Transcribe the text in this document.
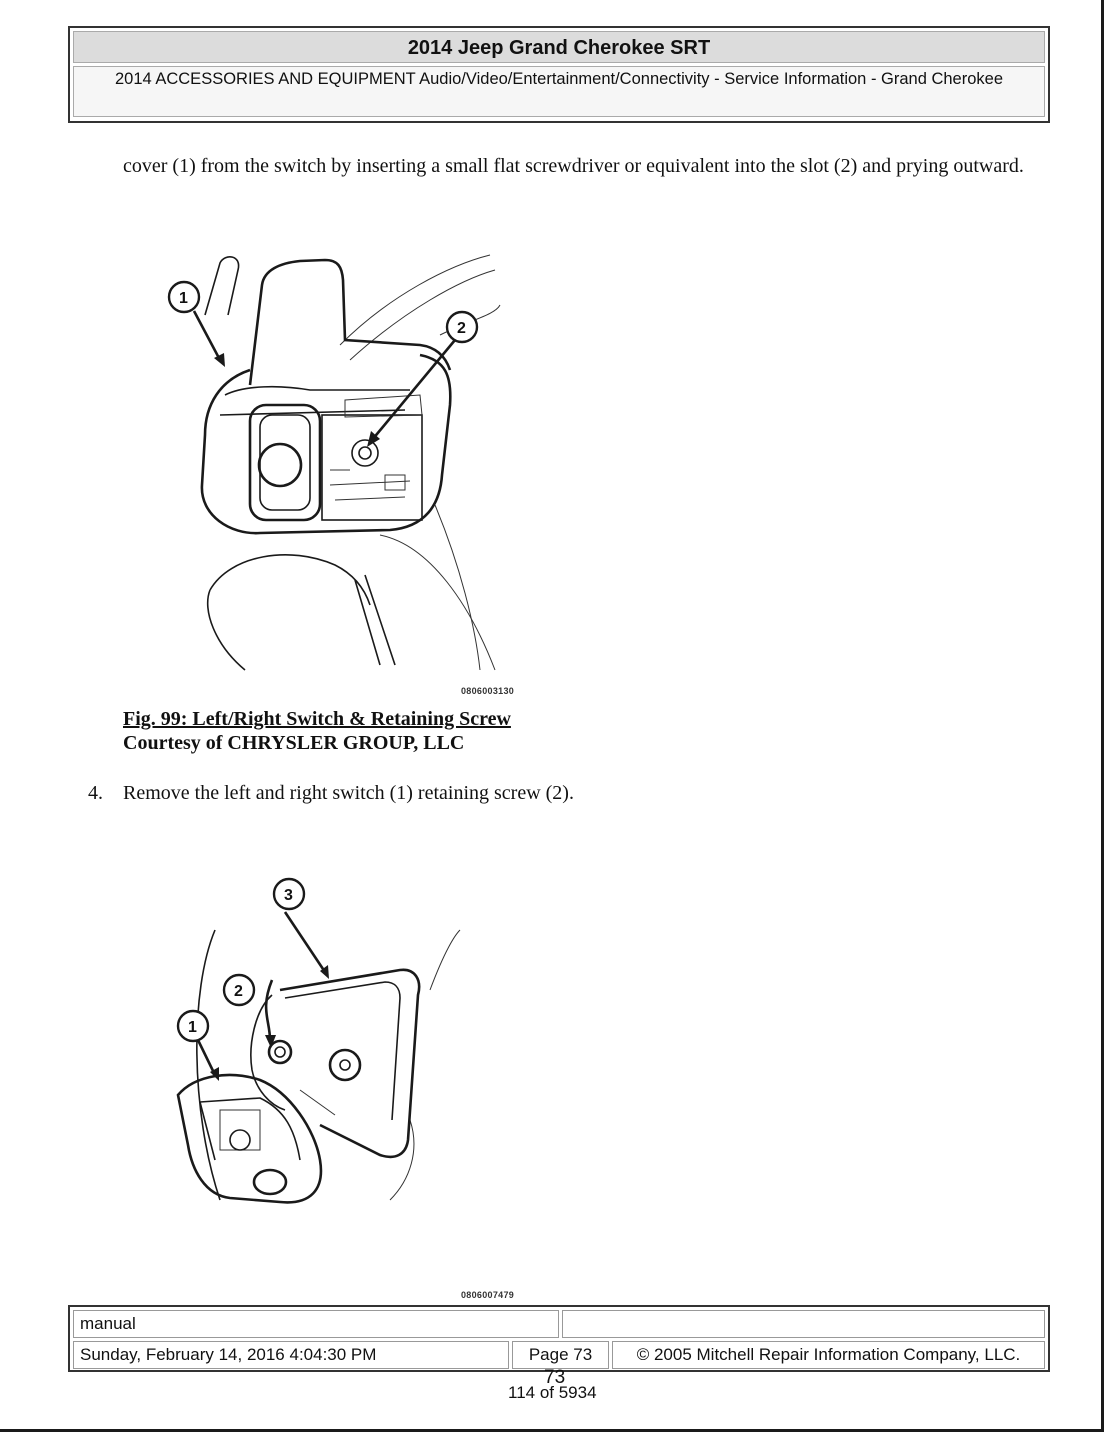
2014 Jeep Grand Cherokee SRT
2014 ACCESSORIES AND EQUIPMENT Audio/Video/Entertainment/Connectivity - Service Information - Grand Cherokee
cover (1) from the switch by inserting a small flat screwdriver or equivalent into the slot (2) and prying outward.
1
2
0806003130
Fig. 99: Left/Right Switch & Retaining Screw
Courtesy of CHRYSLER GROUP, LLC
4. Remove the left and right switch (1) retaining screw (2).
3
2
1
0806007479
manual
Sunday, February 14, 2016 4:04:30 PM	Page 73	© 2005 Mitchell Repair Information Company, LLC.
73
114 of 5934
